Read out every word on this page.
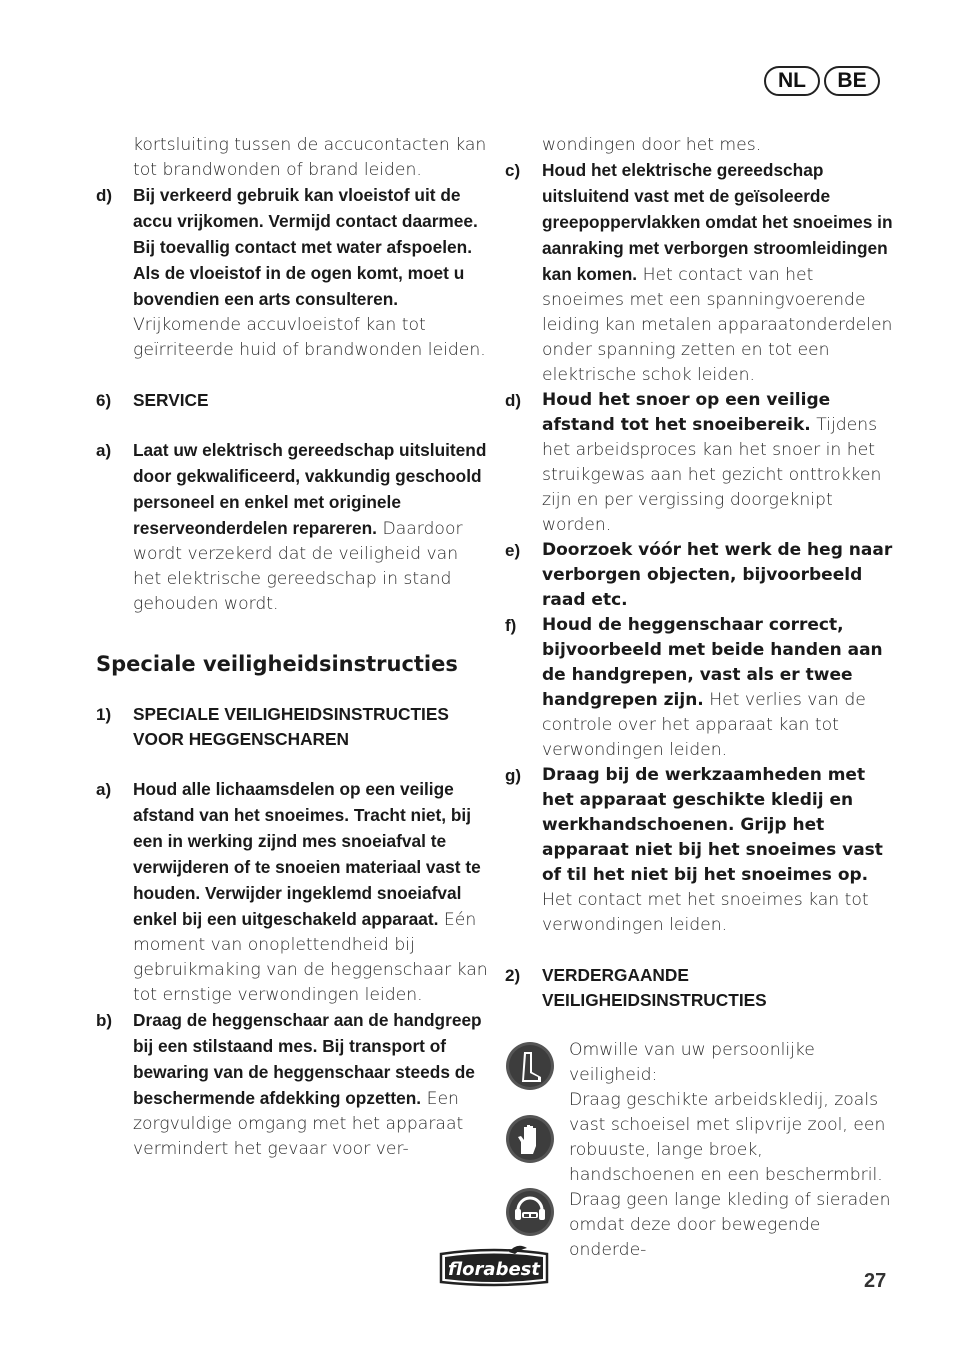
NL	BE
kortsluiting tussen de accucontacten kan tot brandwonden of brand leiden.
d)	Bij verkeerd gebruik kan vloeistof uit de accu vrijkomen. Vermijd contact daarmee. Bij toevallig contact met water afspoelen. Als de vloeistof in de ogen komt, moet u bovendien een arts consulteren. Vrijkomende accuvloeistof kan tot geïrriteerde huid of brandwonden leiden.
6)	SERVICE
a)	Laat uw elektrisch gereedschap uitsluitend door gekwalificeerd, vakkundig geschoold personeel en enkel met originele reserveonderdelen repareren. Daardoor wordt verzekerd dat de veiligheid van het elektrische gereedschap in stand gehouden wordt.
Speciale veiligheidsinstructies
1)	SPECIALE VEILIGHEIDSINSTRUCTIES VOOR HEGGENSCHAREN
a)	Houd alle lichaamsdelen op een veilige afstand van het snoeimes. Tracht niet, bij een in werking zijnd mes snoeiafval te verwijderen of te snoeien materiaal vast te houden. Verwijder ingeklemd snoeiafval enkel bij een uitgeschakeld apparaat. Eén moment van onoplettendheid bij gebruikmaking van de heggenschaar kan tot ernstige verwondingen leiden.
b)	Draag de heggenschaar aan de handgreep bij een stilstaand mes. Bij transport of bewaring van de heggenschaar steeds de beschermende afdekking opzetten. Een zorgvuldige omgang met het apparaat vermindert het gevaar voor ver-
wondingen door het mes.
c)	Houd het elektrische gereedschap uitsluitend vast met de geïsoleerde greepoppervlakken omdat het snoeimes in aanraking met verborgen stroomleidingen kan komen. Het contact van het snoeimes met een spanningvoerende leiding kan metalen apparaatonderdelen onder spanning zetten en tot een elektrische schok leiden.
d)	Houd het snoer op een veilige afstand tot het snoeibereik. Tijdens het arbeidsproces kan het snoer in het struikgewas aan het gezicht onttrokken zijn en per vergissing doorgeknipt worden.
e)	Doorzoek vóór het werk de heg naar verborgen objecten, bijvoorbeeld raad etc.
f)	Houd de heggenschaar correct, bijvoorbeeld met beide handen aan de handgrepen, vast als er twee handgrepen zijn. Het verlies van de controle over het apparaat kan tot verwondingen leiden.
g)	Draag bij de werkzaamheden met het apparaat geschikte kledij en werkhandschoenen. Grijp het apparaat niet bij het snoeimes vast of til het niet bij het snoeimes op. Het contact met het snoeimes kan tot verwondingen leiden.
2)	VERDERGAANDE VEILIGHEIDSINSTRUCTIES

Omwille van uw persoonlijke veiligheid:
Draag geschikte arbeidskledij, zoals vast schoeisel met slipvrije zool, een robuuste, lange broek, handschoenen en een beschermbril. Draag geen lange kleding of sieraden omdat deze door bewegende onderde-
florabest
27
